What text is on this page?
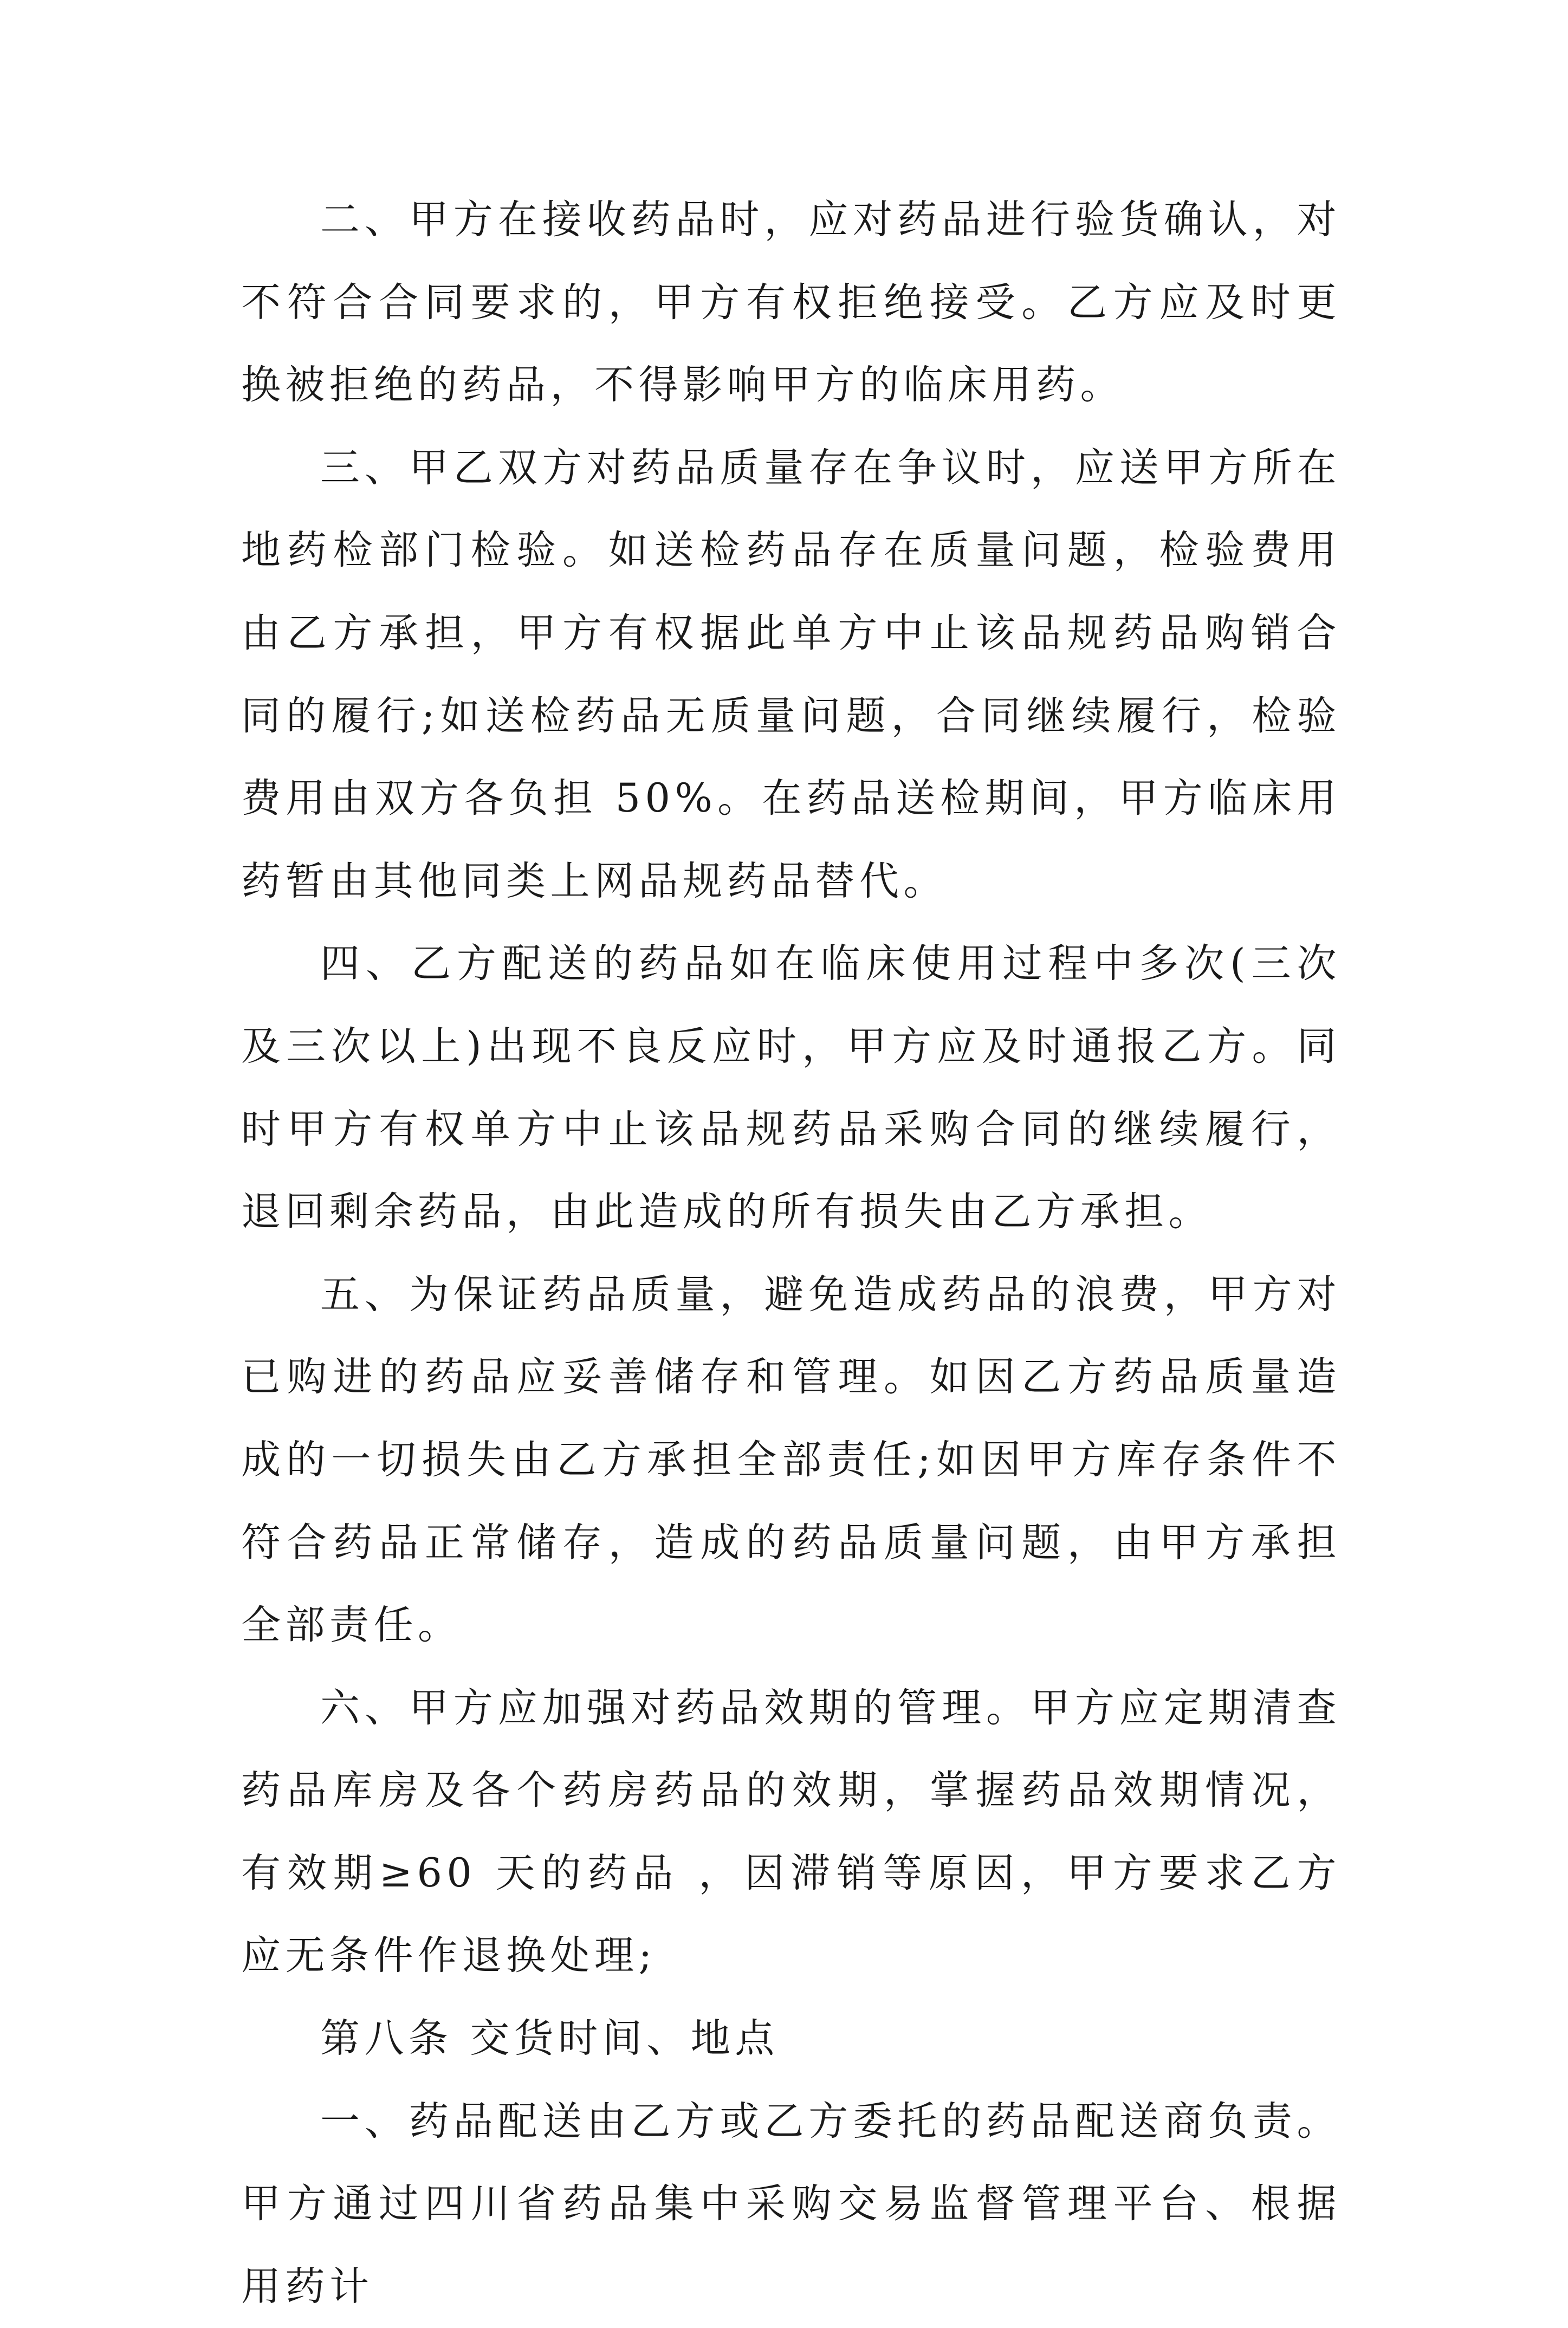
二、甲方在接收药品时，应对药品进行验货确认，对不符合合同要求的，甲方有权拒绝接受。乙方应及时更换被拒绝的药品，不得影响甲方的临床用药。

三、甲乙双方对药品质量存在争议时，应送甲方所在地药检部门检验。如送检药品存在质量问题，检验费用由乙方承担，甲方有权据此单方中止该品规药品购销合同的履行;如送检药品无质量问题，合同继续履行，检验费用由双方各负担 50%。在药品送检期间，甲方临床用药暂由其他同类上网品规药品替代。

四、乙方配送的药品如在临床使用过程中多次(三次及三次以上)出现不良反应时，甲方应及时通报乙方。同时甲方有权单方中止该品规药品采购合同的继续履行，退回剩余药品，由此造成的所有损失由乙方承担。

五、为保证药品质量，避免造成药品的浪费，甲方对已购进的药品应妥善储存和管理。如因乙方药品质量造成的一切损失由乙方承担全部责任;如因甲方库存条件不符合药品正常储存，造成的药品质量问题，由甲方承担全部责任。

六、甲方应加强对药品效期的管理。甲方应定期清查药品库房及各个药房药品的效期，掌握药品效期情况，有效期≥60 天的药品 ，因滞销等原因，甲方要求乙方应无条件作退换处理;

第八条 交货时间、地点

一、药品配送由乙方或乙方委托的药品配送商负责。甲方通过四川省药品集中采购交易监督管理平台、根据用药计
